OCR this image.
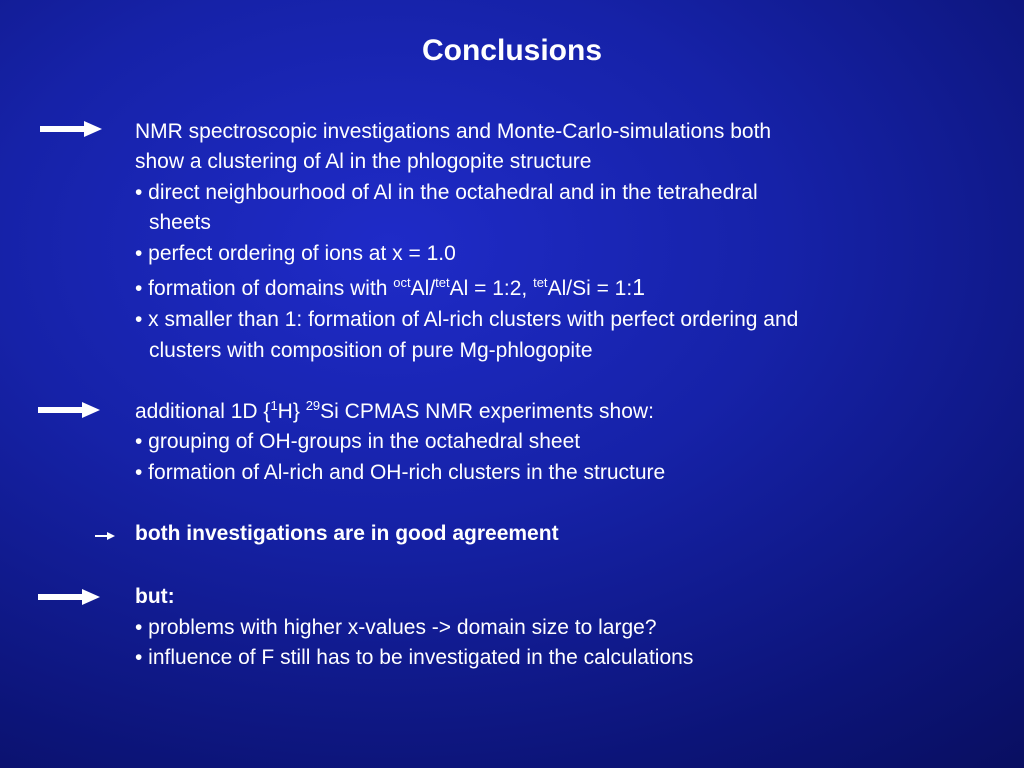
Conclusions
NMR spectroscopic investigations and Monte-Carlo-simulations both
show a clustering of Al in the phlogopite structure
• direct neighbourhood of Al in the octahedral and in the tetrahedral
sheets
• perfect ordering of ions at x = 1.0
• formation of domains with $^{oct}$Al/$^{tet}$Al = 1:2, $^{tet}$Al/Si = 1:1
• x smaller than 1: formation of Al-rich clusters with perfect ordering and
clusters with composition of pure Mg-phlogopite
additional 1D {$^1$H} $^{29}$Si CPMAS NMR experiments show:
• grouping of OH-groups in the octahedral sheet
• formation of Al-rich and OH-rich clusters in the structure
both investigations are in good agreement
but:
• problems with higher x-values -> domain size to large?
• influence of F still has to be investigated in the calculations
